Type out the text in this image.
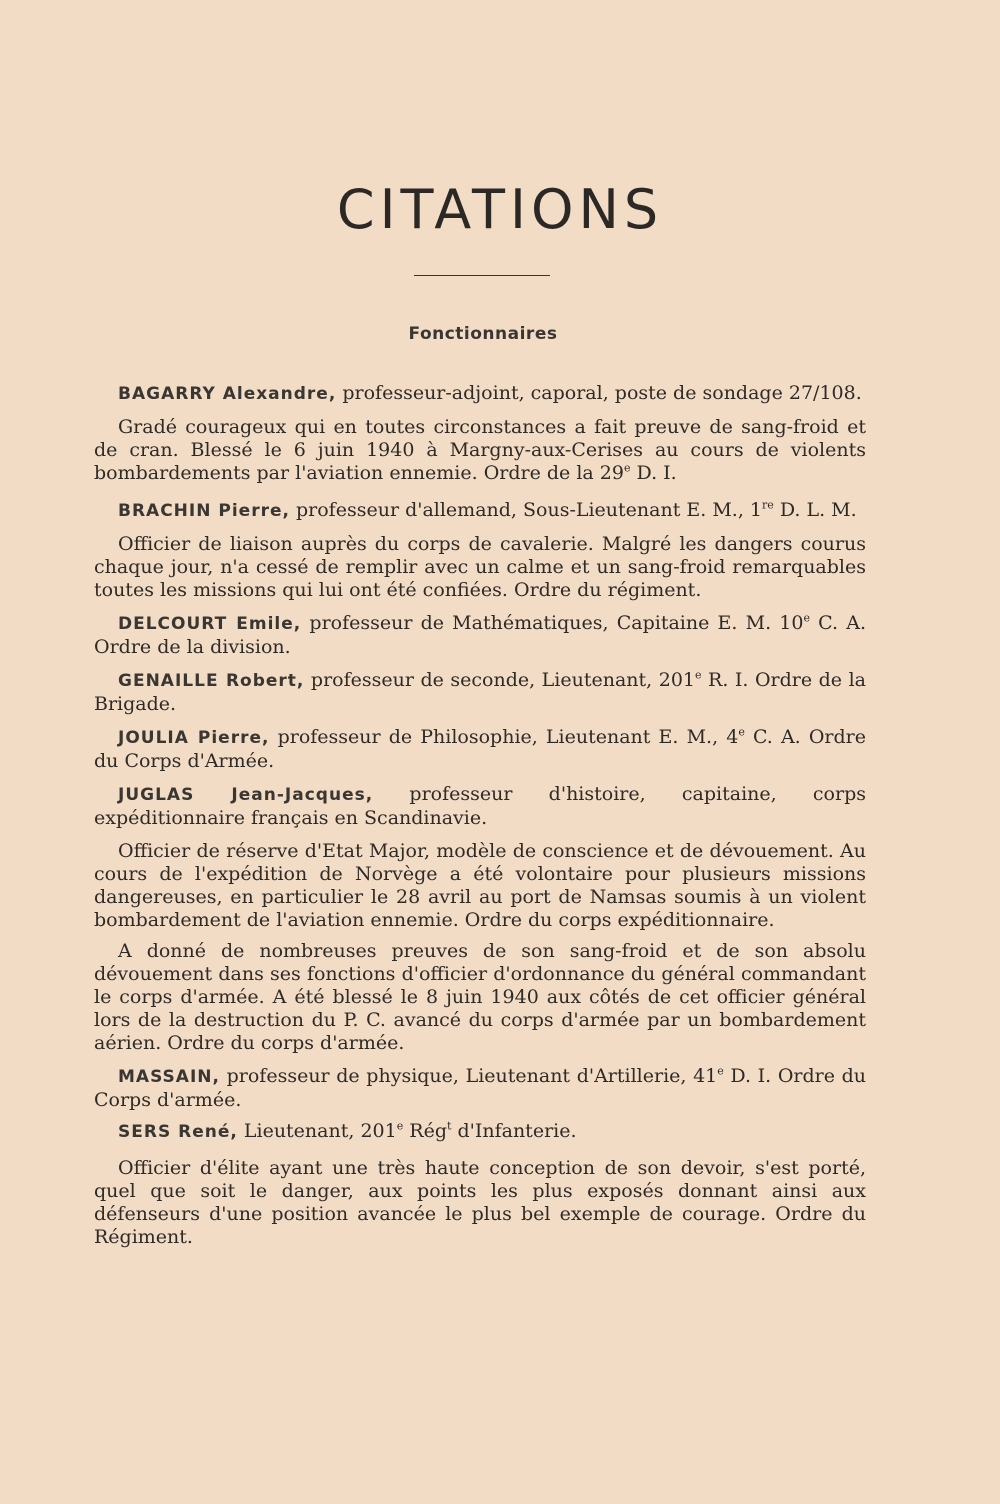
CITATIONS
Fonctionnaires

BAGARRY Alexandre, professeur-adjoint, caporal, poste de sondage 27/108.

Gradé courageux qui en toutes circonstances a fait preuve de sang-froid et de cran. Blessé le 6 juin 1940 à Margny-aux-Cerises au cours de violents bombardements par l'aviation ennemie. Ordre de la 29e D. I.

BRACHIN Pierre, professeur d'allemand, Sous-Lieutenant E. M., 1re D. L. M.

Officier de liaison auprès du corps de cavalerie. Malgré les dangers courus chaque jour, n'a cessé de remplir avec un calme et un sang-froid remarquables toutes les missions qui lui ont été confiées. Ordre du régiment.

DELCOURT Emile, professeur de Mathématiques, Capitaine E. M. 10e C. A. Ordre de la division.

GENAILLE Robert, professeur de seconde, Lieutenant, 201e R. I. Ordre de la Brigade.

JOULIA Pierre, professeur de Philosophie, Lieutenant E. M., 4e C. A. Ordre du Corps d'Armée.

JUGLAS Jean-Jacques, professeur d'histoire, capitaine, corps expéditionnaire français en Scandinavie.

Officier de réserve d'Etat Major, modèle de conscience et de dévouement. Au cours de l'expédition de Norvège a été volontaire pour plusieurs missions dangereuses, en particulier le 28 avril au port de Namsas soumis à un violent bombardement de l'aviation ennemie. Ordre du corps expéditionnaire.

A donné de nombreuses preuves de son sang-froid et de son absolu dévouement dans ses fonctions d'officier d'ordonnance du général commandant le corps d'armée. A été blessé le 8 juin 1940 aux côtés de cet officier général lors de la destruction du P. C. avancé du corps d'armée par un bombardement aérien. Ordre du corps d'armée.

MASSAIN, professeur de physique, Lieutenant d'Artillerie, 41e D. I. Ordre du Corps d'armée.

SERS René, Lieutenant, 201e Rég$^t$ d'Infanterie.

Officier d'élite ayant une très haute conception de son devoir, s'est porté, quel que soit le danger, aux points les plus exposés donnant ainsi aux défenseurs d'une position avancée le plus bel exemple de courage. Ordre du Régiment.
